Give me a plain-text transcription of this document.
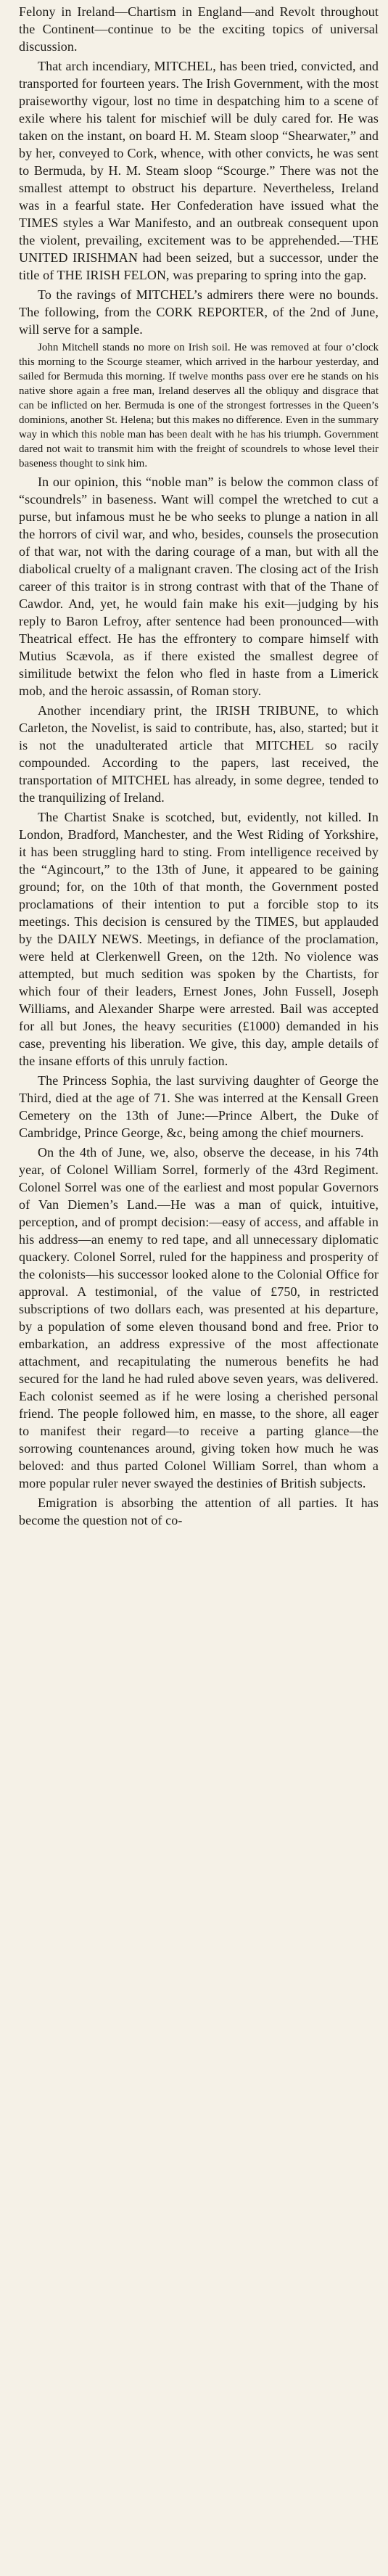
Felony in Ireland—Chartism in England—and Revolt throughout the Continent—continue to be the exciting topics of universal discussion.

That arch incendiary, MITCHEL, has been tried, convicted, and transported for fourteen years. The Irish Government, with the most praiseworthy vigour, lost no time in despatching him to a scene of exile where his talent for mischief will be duly cared for. He was taken on the instant, on board H. M. Steam sloop “Shearwater,” and by her, conveyed to Cork, whence, with other convicts, he was sent to Bermuda, by H. M. Steam sloop “Scourge.” There was not the smallest attempt to obstruct his departure. Nevertheless, Ireland was in a fearful state. Her Confederation have issued what the TIMES styles a War Manifesto, and an outbreak consequent upon the violent, prevailing, excitement was to be apprehended.—THE UNITED IRISHMAN had been seized, but a successor, under the title of THE IRISH FELON, was preparing to spring into the gap.

To the ravings of MITCHEL’s admirers there were no bounds. The following, from the CORK REPORTER, of the 2nd of June, will serve for a sample.

John Mitchell stands no more on Irish soil. He was removed at four o’clock this morning to the Scourge steamer, which arrived in the harbour yesterday, and sailed for Bermuda this morning. If twelve months pass over ere he stands on his native shore again a free man, Ireland deserves all the obliquy and disgrace that can be inflicted on her. Bermuda is one of the strongest fortresses in the Queen’s dominions, another St. Helena; but this makes no difference. Even in the summary way in which this noble man has been dealt with he has his triumph. Government dared not wait to transmit him with the freight of scoundrels to whose level their baseness thought to sink him.

In our opinion, this “noble man” is below the common class of “scoundrels” in baseness. Want will compel the wretched to cut a purse, but infamous must he be who seeks to plunge a nation in all the horrors of civil war, and who, besides, counsels the prosecution of that war, not with the daring courage of a man, but with all the diabolical cruelty of a malignant craven. The closing act of the Irish career of this traitor is in strong contrast with that of the Thane of Cawdor. And, yet, he would fain make his exit—judging by his reply to Baron Lefroy, after sentence had been pronounced—with Theatrical effect. He has the effrontery to compare himself with Mutius Scævola, as if there existed the smallest degree of similitude betwixt the felon who fled in haste from a Limerick mob, and the heroic assassin, of Roman story.

Another incendiary print, the IRISH TRIBUNE, to which Carleton, the Novelist, is said to contribute, has, also, started; but it is not the unadulterated article that MITCHEL so racily compounded. According to the papers, last received, the transportation of MITCHEL has already, in some degree, tended to the tranquilizing of Ireland.

The Chartist Snake is scotched, but, evidently, not killed. In London, Bradford, Manchester, and the West Riding of Yorkshire, it has been struggling hard to sting. From intelligence received by the “Agincourt,” to the 13th of June, it appeared to be gaining ground; for, on the 10th of that month, the Government posted proclamations of their intention to put a forcible stop to its meetings. This decision is censured by the TIMES, but applauded by the DAILY NEWS. Meetings, in defiance of the proclamation, were held at Clerkenwell Green, on the 12th. No violence was attempted, but much sedition was spoken by the Chartists, for which four of their leaders, Ernest Jones, John Fussell, Joseph Williams, and Alexander Sharpe were arrested. Bail was accepted for all but Jones, the heavy securities (£1000) demanded in his case, preventing his liberation. We give, this day, ample details of the insane efforts of this unruly faction.

The Princess Sophia, the last surviving daughter of George the Third, died at the age of 71. She was interred at the Kensall Green Cemetery on the 13th of June:—Prince Albert, the Duke of Cambridge, Prince George, &c, being among the chief mourners.

On the 4th of June, we, also, observe the decease, in his 74th year, of Colonel William Sorrel, formerly of the 43rd Regiment. Colonel Sorrel was one of the earliest and most popular Governors of Van Diemen’s Land.—He was a man of quick, intuitive, perception, and of prompt decision:—easy of access, and affable in his address—an enemy to red tape, and all unnecessary diplomatic quackery. Colonel Sorrel, ruled for the happiness and prosperity of the colonists—his successor looked alone to the Colonial Office for approval. A testimonial, of the value of £750, in restricted subscriptions of two dollars each, was presented at his departure, by a population of some eleven thousand bond and free. Prior to embarkation, an address expressive of the most affectionate attachment, and recapitulating the numerous benefits he had secured for the land he had ruled above seven years, was delivered. Each colonist seemed as if he were losing a cherished personal friend. The people followed him, en masse, to the shore, all eager to manifest their regard—to receive a parting glance—the sorrowing countenances around, giving token how much he was beloved: and thus parted Colonel William Sorrel, than whom a more popular ruler never swayed the destinies of British subjects.

Emigration is absorbing the attention of all parties. It has become the question not of co-
